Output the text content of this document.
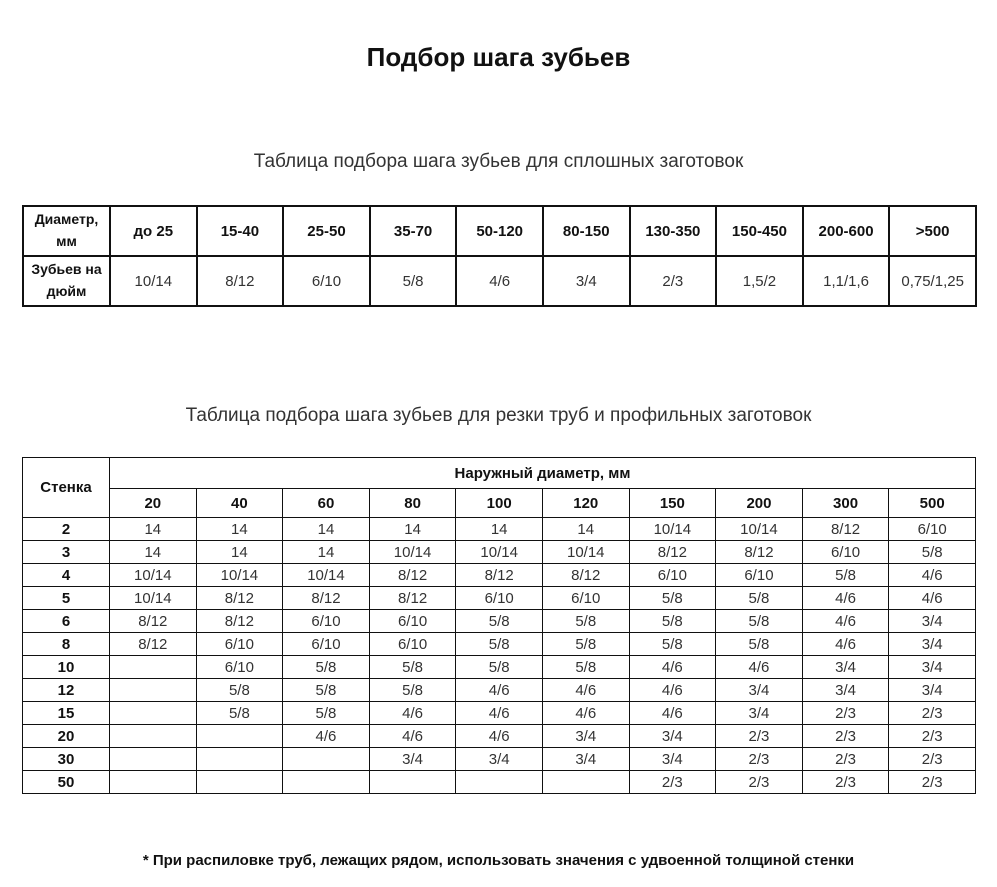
Подбор шага зубьев
Таблица подбора шага зубьев для сплошных заготовок
Диаметр, мм	до 25	15-40	25-50	35-70	50-120	80-150	130-350	150-450	200-600	>500
Зубьев на дюйм	10/14	8/12	6/10	5/8	4/6	3/4	2/3	1,5/2	1,1/1,6	0,75/1,25
Таблица подбора шага зубьев для резки труб и профильных заготовок
Стенка	Наружный диаметр, мм									
	20	40	60	80	100	120	150	200	300	500
2	14	14	14	14	14	14	10/14	10/14	8/12	6/10
3	14	14	14	10/14	10/14	10/14	8/12	8/12	6/10	5/8
4	10/14	10/14	10/14	8/12	8/12	8/12	6/10	6/10	5/8	4/6
5	10/14	8/12	8/12	8/12	6/10	6/10	5/8	5/8	4/6	4/6
6	8/12	8/12	6/10	6/10	5/8	5/8	5/8	5/8	4/6	3/4
8	8/12	6/10	6/10	6/10	5/8	5/8	5/8	5/8	4/6	3/4
10		6/10	5/8	5/8	5/8	5/8	4/6	4/6	3/4	3/4
12		5/8	5/8	5/8	4/6	4/6	4/6	3/4	3/4	3/4
15		5/8	5/8	4/6	4/6	4/6	4/6	3/4	2/3	2/3
20			4/6	4/6	4/6	3/4	3/4	2/3	2/3	2/3
30				3/4	3/4	3/4	3/4	2/3	2/3	2/3
50							2/3	2/3	2/3	2/3
* При распиловке труб, лежащих рядом, использовать значения с удвоенной толщиной стенки
